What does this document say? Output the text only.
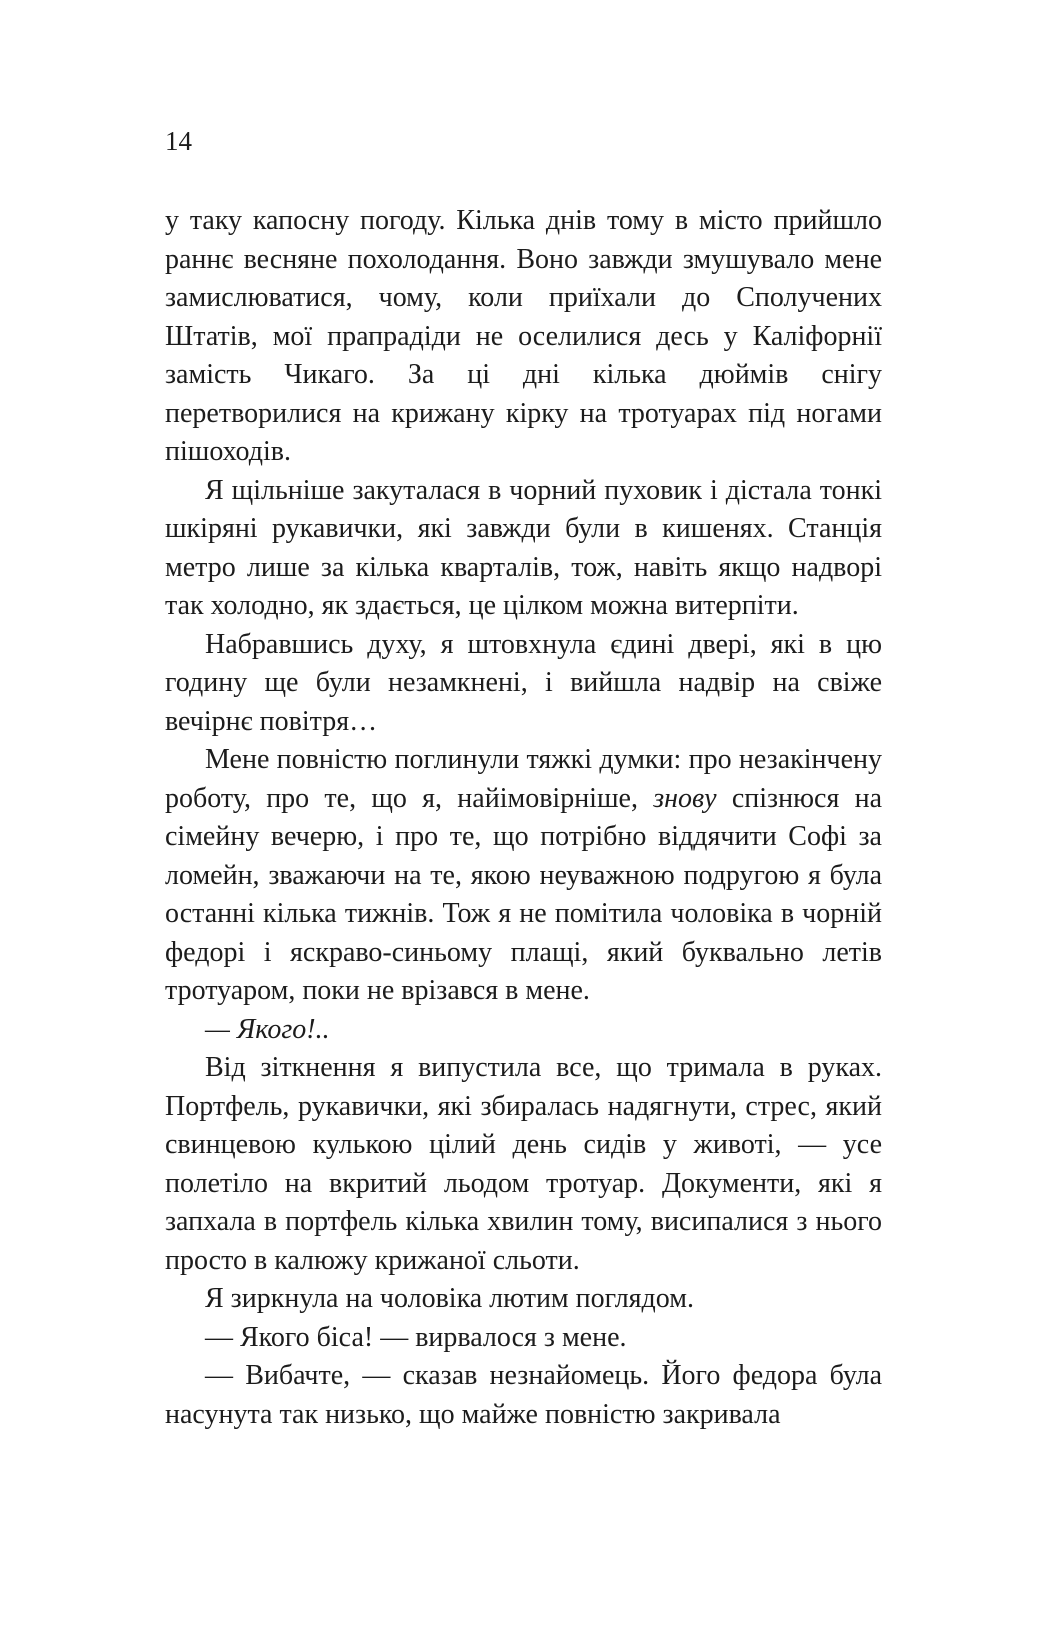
14

у таку капосну погоду. Кілька днів тому в місто прийшло раннє весняне похолодання. Воно завжди змушувало мене замислюватися, чому, коли приїхали до Сполучених Штатів, мої прапрадіди не оселилися десь у Каліфорнії замість Чикаго. За ці дні кілька дюймів снігу перетворилися на крижану кірку на тротуарах під ногами пішоходів.

Я щільніше закуталася в чорний пуховик і дістала тонкі шкіряні рукавички, які завжди були в кишенях. Станція метро лише за кілька кварталів, тож, навіть якщо надворі так холодно, як здається, це цілком можна витерпіти.

Набравшись духу, я штовхнула єдині двері, які в цю годину ще були незамкнені, і вийшла надвір на свіже вечірнє повітря…

Мене повністю поглинули тяжкі думки: про незакінчену роботу, про те, що я, найімовірніше, знову спізнюся на сімейну вечерю, і про те, що потрібно віддячити Софі за ломейн, зважаючи на те, якою неуважною подругою я була останні кілька тижнів. Тож я не помітила чоловіка в чорній федорі і яскраво-синьому плащі, який буквально летів тротуаром, поки не врізався в мене.

— Якого!..

Від зіткнення я випустила все, що тримала в руках. Портфель, рукавички, які збиралась надягнути, стрес, який свинцевою кулькою цілий день сидів у животі, — усе полетіло на вкритий льодом тротуар. Документи, які я запхала в портфель кілька хвилин тому, висипалися з нього просто в калюжу крижаної сльоти.

Я зиркнула на чоловіка лютим поглядом.

— Якого біса! — вирвалося з мене.

— Вибачте, — сказав незнайомець. Його федора була насунута так низько, що майже повністю закривала
